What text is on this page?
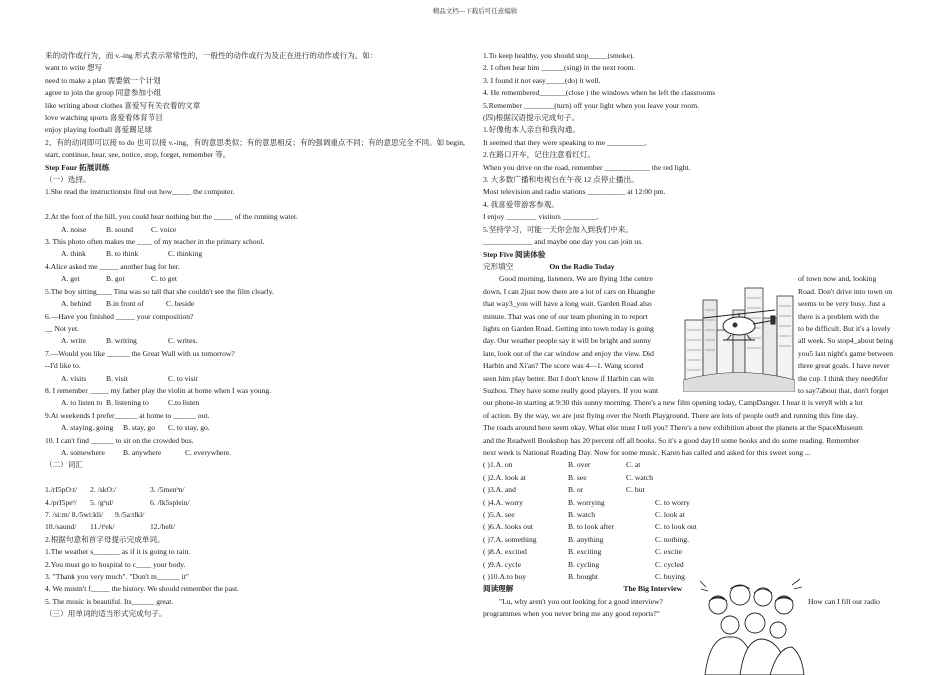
精品文档---下载后可任意编辑
来的动作或行为，而 v.-ing 形式表示常常性的，一般性的动作或行为及正在进行的动作或行为。如：
want to write 想写
need to make a plan 需要做一个计划
agree to join the group 同意参加小组
like writing about clothes 喜爱写有关衣着的文章
love watching sports 喜爱看体育节目
enjoy playing football 喜爱踢足球
2、有的动词即可以接 to do 也可以接 v.-ing，有的意思类似；有的意思相反；有的强调重点不同；有的意思完全不同。如 begin,
start, continue, hear, see, notice, stop, forget, remember 等。
Step Four 拓展训练
（一）选择。
1.She read the instructionsto find out how_____ the computer.
2.At the foot of the hill, you could hear nothing but the _____ of the running water.
A. noise	B. sound C. voice
3. This photo often makes me ____ of my teacher in the primary school.
A. think	B. to think	C. thinking
4.Alice asked me _____ another bag for her.
A. get	B. got	C. to get
5.The boy sitting____ Tina was so tall that she couldn't see the film clearly.
A. behind B.in front of	C. beside
6.—Have you finished _____ your composition?
__ Not yet.
A. write	B. writing	C. writes.
7.—Would you like ______ the Great Wall with us tomorrow?
--I'd like to.
A. visits	B. visit	C. to visit
8. I remember _____ my father play the violin at home when I was young.
A. to listen to B. listening to	C.to listen
9.At weekends I prefer______ at home to ______ out.
A. staying, going B. stay, go C. to stay, go.
10. I can't find ______ to sit on the crowded bus.
A. somewhere B. anywhere	C. everywhere.
（二）词汇
1./rI5pO:t/ 2. /skO:/	3. /5menᵊn/
4./prI5peᵊ/ 5. /gᵊul/	6. /lk5splein/
7. /si:m/ 8./5wi:kli/ 9./5a:tlkl/
10./saund/ 11./tᵊek/	12./helt/
2.根据句意和首字母提示完成单词。
1.The weather s_______ as if it is going to rain.
2.You must go to hospital to c____ your body.
3. "Thank you very much". "Don't m______ it"
4. We mustn't f_____ the history. We should remember the past.
5. The music is beautiful. Its______ great.
（三）用单词的适当形式完成句子。
1.To keep healthy, you should stop_____(smoke).
2. I often hear him ______(sing) in the next room.
3. I found it not easy_____(do) it well.
4. He remembered_______(close ) the windows when he left the classrooms
5.Remember ________(turn) off your light when you leave your room.
(四)根据汉语提示完成句子。
1.好像他本人亲自和我沟通。
It seemed that they were speaking to me __________.
2.在路口开车，记住注意看红灯。
When you drive on the road, remember ____________ the red light.
3. 大多数广播和电视台在午夜 12 点停止播出。
Most television and radio stations __________ at 12:00 pm.
4. 我喜爱带游客参观。
I enjoy ________ visitors _________.
5.坚持学习，可能一天你会加入到我们中来。
_____________ and maybe one day you can join us.
Step Five 阅读体验
完形填空	On the Radio Today
Good morning, listeners. We are flying 1the centre
down, I can 2just now there are a lot of cars on Huanghe
that way3_you will have a long wait. Garden Road also
minute. That was one of our team phoning in to report
lights on Garden Road. Getting into town today is going
day. Our weather people say it will be bright and sunny
late, look out of the car window and enjoy the view. Did
Harbin and Xi'an? The score was 4—1. Wang scored
seen him play better. But I don't know if Harbin can win
Suzhou. They have some really good players. If you want
of town now and, looking
Road. Don't drive into town on
seems to be very busy. Just a
there is a problem with the
to be difficult. But it's a lovely
all week. So stop4_about being
you5 last night's game between
three great goals. I have never
the cup. I think they need6for
to say7about that, don't forget
our phone-in starting at 9:30 this sunny morning. There's a new film opening today, CampDanger. I hear it is very8 with a lot
of action. By the way, we are just flying over the North Playground. There are lots of people out9 and running this fine day.
The roads around here seem okay. What else must I tell you? There's a new exhibition about the planets at the SpaceMuseum
and the Readwell Bookshop has 20 percent off all books. So it's a good day10 some books and do some reading. Remember
next week is National Reading Day. Now for some music. Karen has called and asked for this sweet song ...
( )1.A. on	B. over	C. at
( )2.A. look at	B. see	C. watch
( )3.A. and	B. or	C. but
( )4.A. worry	B. worrying	C. to worry
( )5.A. see	B. watch	C. look at
( )6.A. looks out	B. to look after	C. to look out
( )7.A. something	B. anything	C. nothing.
( )8.A. excited	B. exciting	C. excite
( )9.A. cycle	B. cycling	C. cycled
( )10.A.to buy	B. bought	C. buying
阅读理解	The Big Interview
"Lu, why aren't you out looking for a good interview?	How can I fill our radio
programmes when you never bring me any good reports?"
